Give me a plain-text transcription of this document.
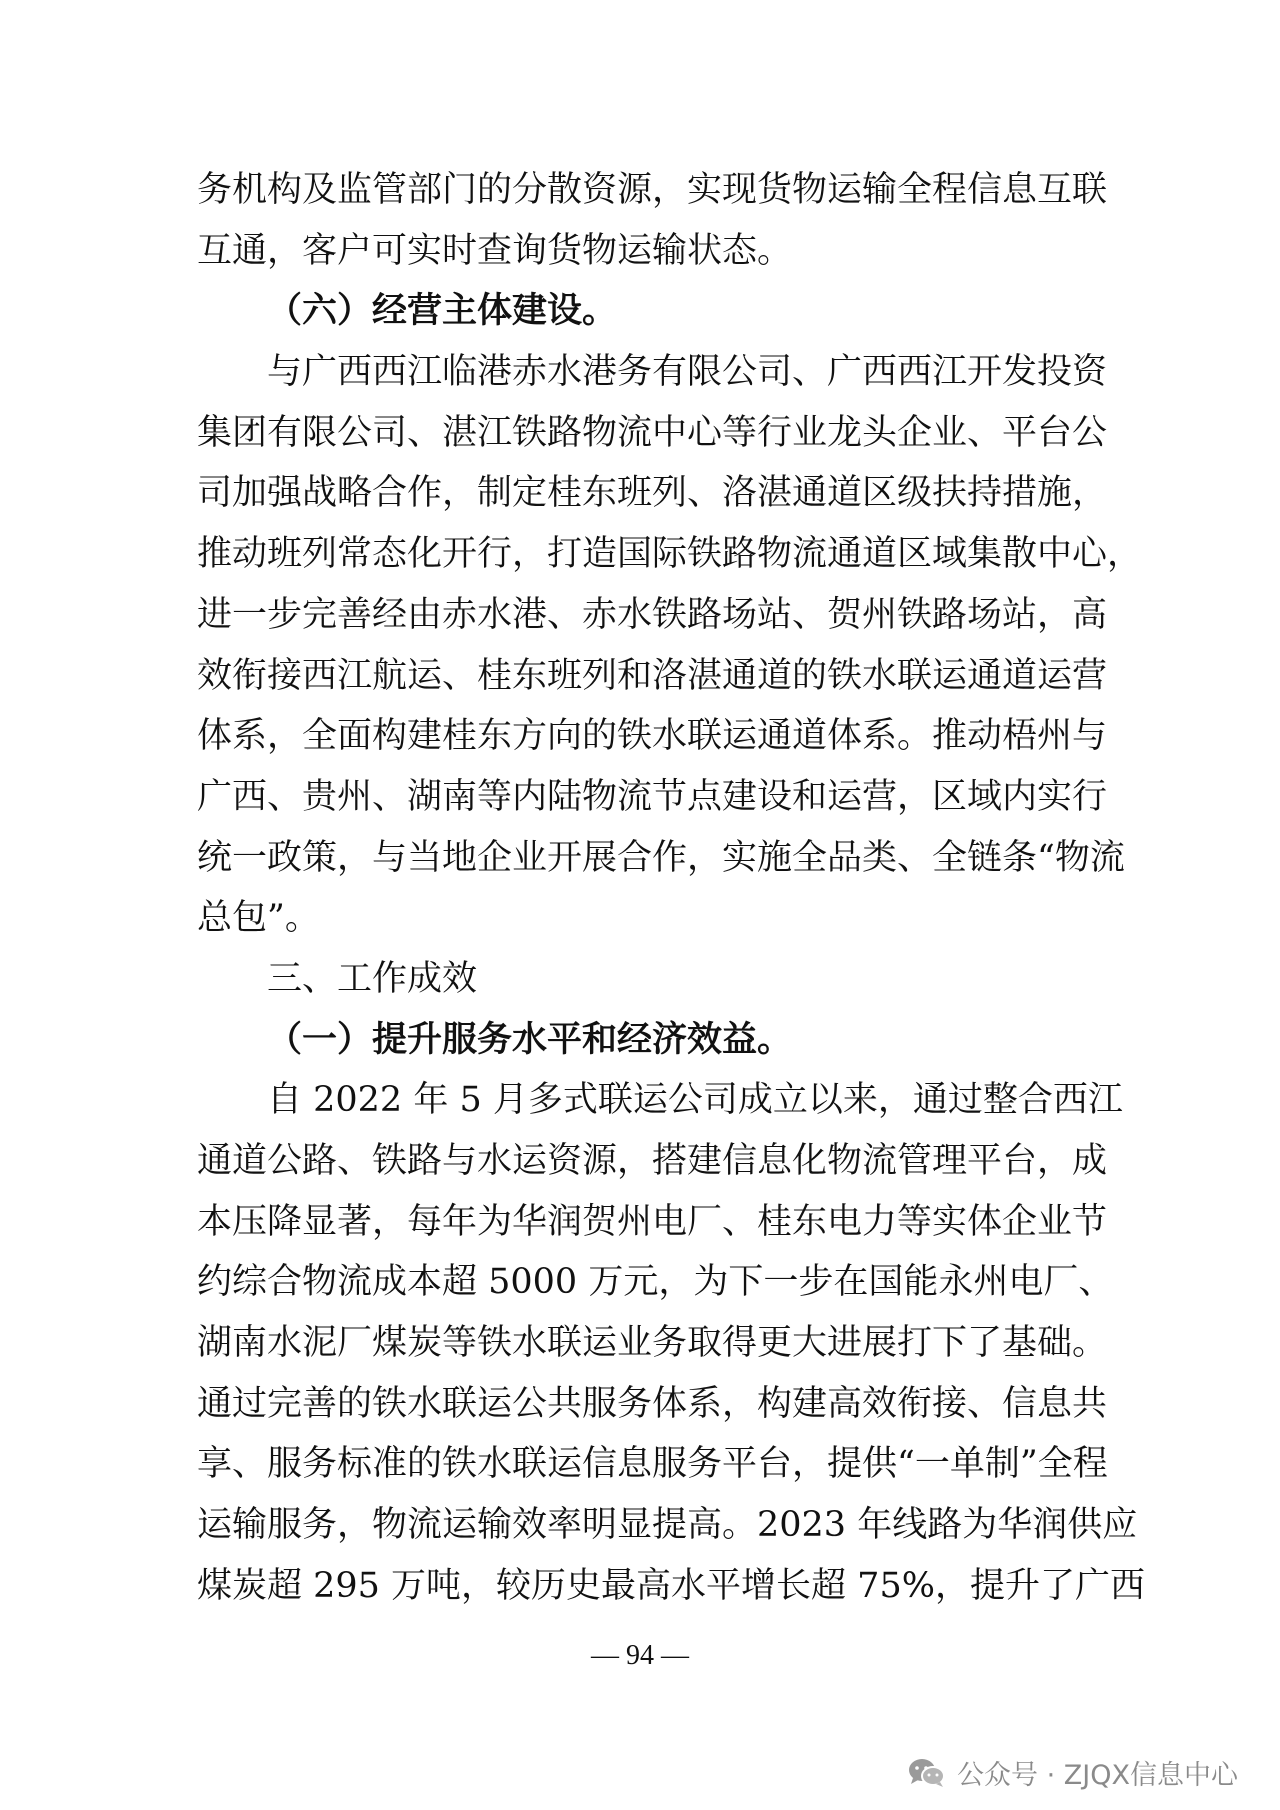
务机构及监管部门的分散资源，实现货物运输全程信息互联
互通，客户可实时查询货物运输状态。
（六）经营主体建设。
与广西西江临港赤水港务有限公司、广西西江开发投资
集团有限公司、湛江铁路物流中心等行业龙头企业、平台公
司加强战略合作，制定桂东班列、洛湛通道区级扶持措施，
推动班列常态化开行，打造国际铁路物流通道区域集散中心，
进一步完善经由赤水港、赤水铁路场站、贺州铁路场站，高
效衔接西江航运、桂东班列和洛湛通道的铁水联运通道运营
体系，全面构建桂东方向的铁水联运通道体系。推动梧州与
广西、贵州、湖南等内陆物流节点建设和运营，区域内实行
统一政策，与当地企业开展合作，实施全品类、全链条“物流
总包”。
三、工作成效
（一）提升服务水平和经济效益。
自 2022 年 5 月多式联运公司成立以来，通过整合西江
通道公路、铁路与水运资源，搭建信息化物流管理平台，成
本压降显著，每年为华润贺州电厂、桂东电力等实体企业节
约综合物流成本超 5000 万元，为下一步在国能永州电厂、
湖南水泥厂煤炭等铁水联运业务取得更大进展打下了基础。
通过完善的铁水联运公共服务体系，构建高效衔接、信息共
享、服务标准的铁水联运信息服务平台，提供“一单制”全程
运输服务，物流运输效率明显提高。2023 年线路为华润供应
煤炭超 295 万吨，较历史最高水平增长超 75%，提升了广西
— 94 —
公众号 · ZJQX信息中心
